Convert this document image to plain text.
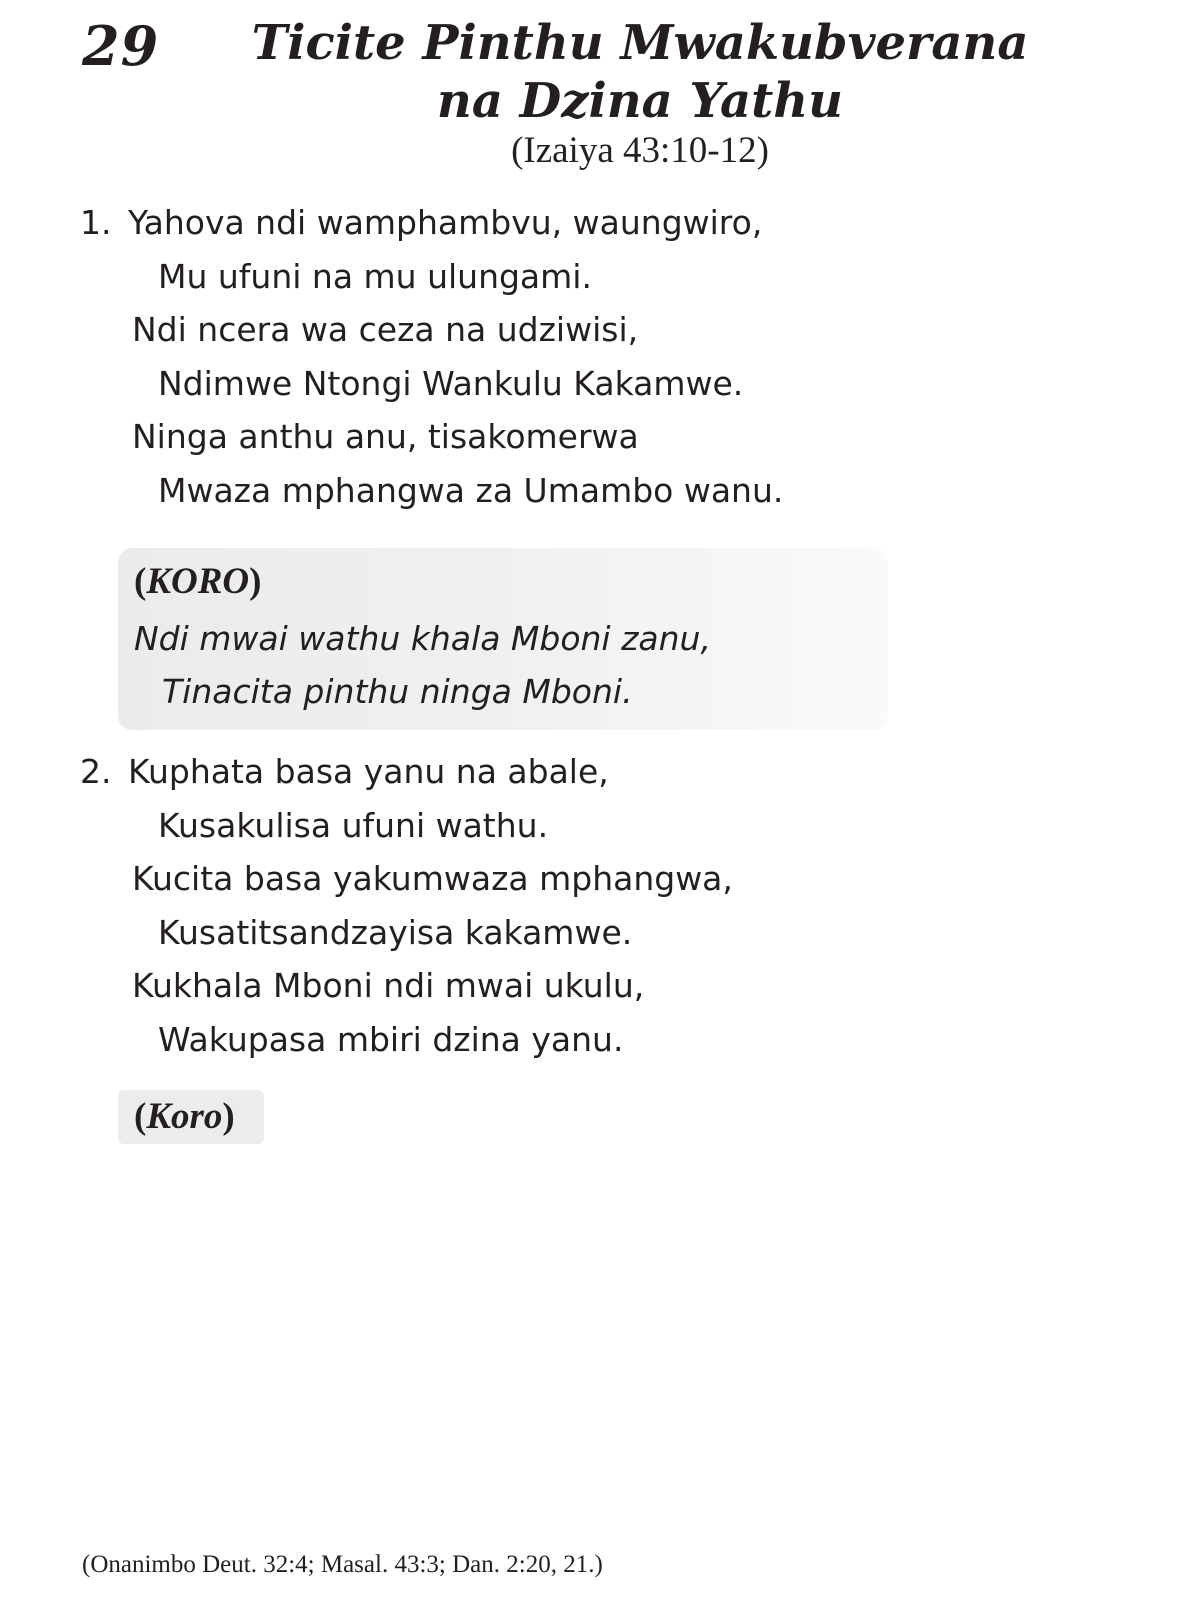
29 Ticite Pinthu Mwakubverana
na Dzina Yathu
(Izaiya 43:10-12)
1. Yahova ndi wamphambvu, waungwiro,
Mu ufuni na mu ulungami.
Ndi ncera wa ceza na udziwisi,
Ndimwe Ntongi Wankulu Kakamwe.
Ninga anthu anu, tisakomerwa
Mwaza mphangwa za Umambo wanu.
(KORO)
Ndi mwai wathu khala Mboni zanu,
Tinacita pinthu ninga Mboni.
2. Kuphata basa yanu na abale,
Kusakulisa ufuni wathu.
Kucita basa yakumwaza mphangwa,
Kusatitsandzayisa kakamwe.
Kukhala Mboni ndi mwai ukulu,
Wakupasa mbiri dzina yanu.
(Koro)
(Onanimbo Deut. 32:4; Masal. 43:3; Dan. 2:20, 21.)
